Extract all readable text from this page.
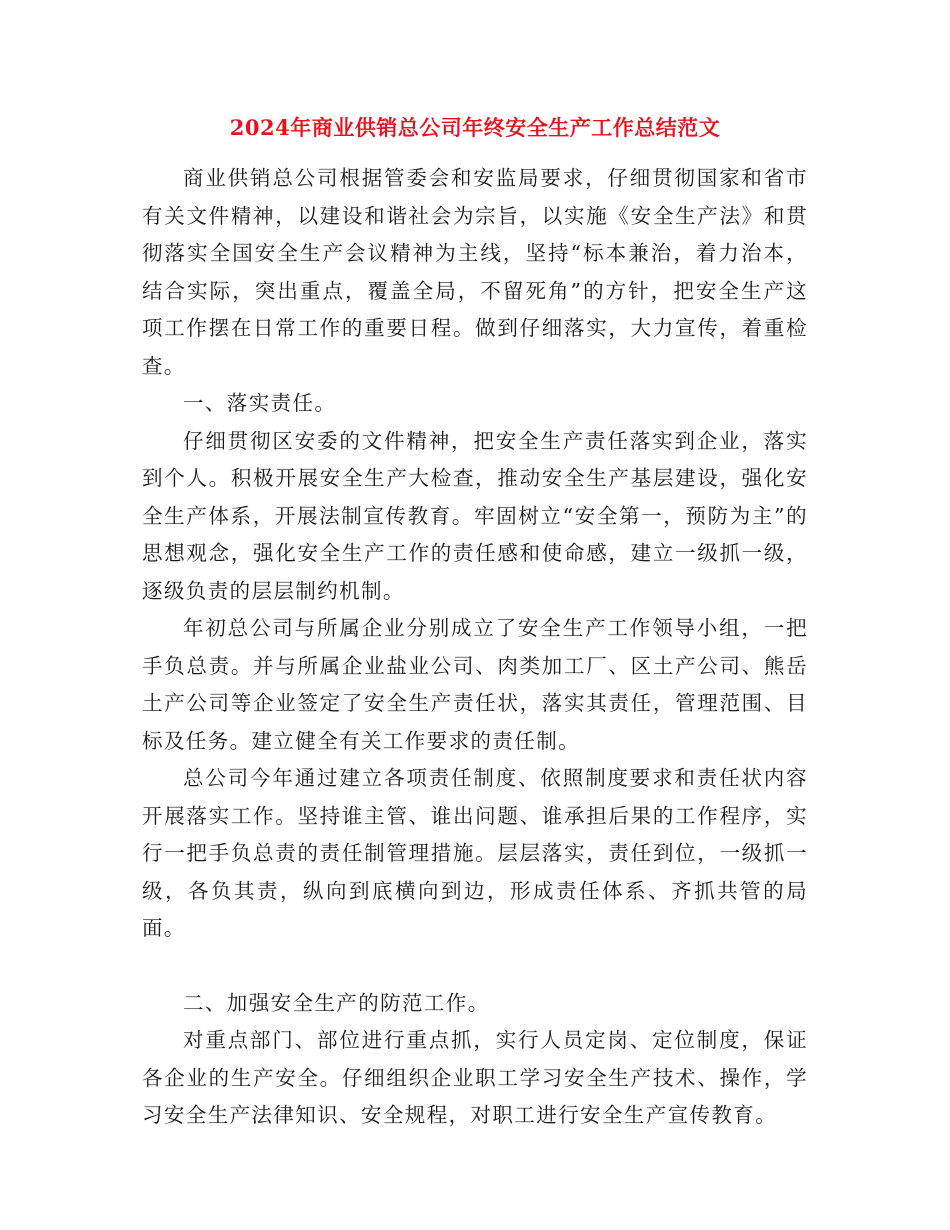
2024年商业供销总公司年终安全生产工作总结范文

商业供销总公司根据管委会和安监局要求，仔细贯彻国家和省市有关文件精神，以建设和谐社会为宗旨，以实施《安全生产法》和贯彻落实全国安全生产会议精神为主线，坚持“标本兼治，着力治本，结合实际，突出重点，覆盖全局，不留死角”的方针，把安全生产这项工作摆在日常工作的重要日程。做到仔细落实，大力宣传，着重检查。

一、落实责任。

仔细贯彻区安委的文件精神，把安全生产责任落实到企业，落实到个人。积极开展安全生产大检查，推动安全生产基层建设，强化安全生产体系，开展法制宣传教育。牢固树立“安全第一，预防为主”的思想观念，强化安全生产工作的责任感和使命感，建立一级抓一级，逐级负责的层层制约机制。

年初总公司与所属企业分别成立了安全生产工作领导小组，一把手负总责。并与所属企业盐业公司、肉类加工厂、区土产公司、熊岳土产公司等企业签定了安全生产责任状，落实其责任，管理范围、目标及任务。建立健全有关工作要求的责任制。

总公司今年通过建立各项责任制度、依照制度要求和责任状内容开展落实工作。坚持谁主管、谁出问题、谁承担后果的工作程序，实行一把手负总责的责任制管理措施。层层落实，责任到位，一级抓一级，各负其责，纵向到底横向到边，形成责任体系、齐抓共管的局面。

二、加强安全生产的防范工作。

对重点部门、部位进行重点抓，实行人员定岗、定位制度，保证各企业的生产安全。仔细组织企业职工学习安全生产技术、操作，学习安全生产法律知识、安全规程，对职工进行安全生产宣传教育。
